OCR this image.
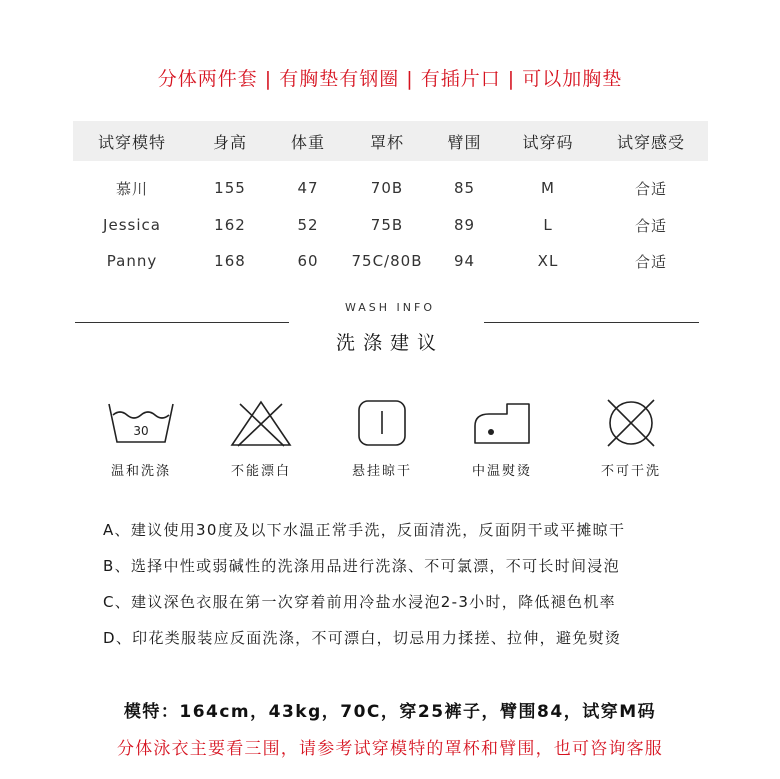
分体两件套 | 有胸垫有钢圈 | 有插片口 | 可以加胸垫
试穿模特	身高	体重	罩杯	臂围	试穿码	试穿感受
慕川	155	47	70B	85	M	合适
Jessica	162	52	75B	89	L	合适
Panny	168	60	75C/80B	94	XL	合适
WASH INFO
洗涤建议
30
温和洗涤	不能漂白	悬挂晾干	中温熨烫	不可干洗
A、建议使用30度及以下水温正常手洗，反面清洗，反面阴干或平摊晾干
B、选择中性或弱碱性的洗涤用品进行洗涤、不可氯漂，不可长时间浸泡
C、建议深色衣服在第一次穿着前用冷盐水浸泡2-3小时，降低褪色机率
D、印花类服装应反面洗涤，不可漂白，切忌用力揉搓、拉伸，避免熨烫
模特：164cm，43kg，70C，穿25裤子，臂围84，试穿M码
分体泳衣主要看三围，请参考试穿模特的罩杯和臂围，也可咨询客服
